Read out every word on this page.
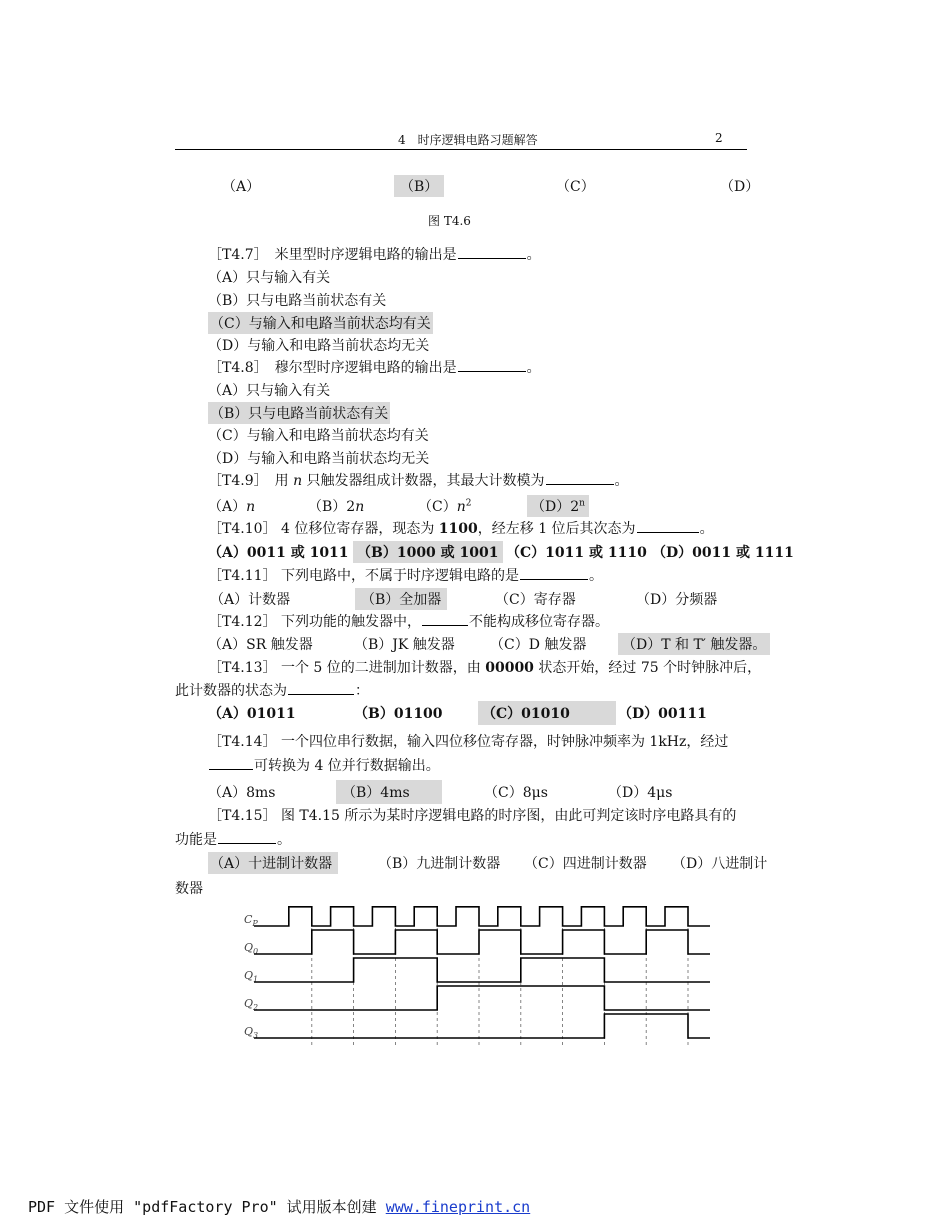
4　时序逻辑电路习题解答	2
（A）	（B）	（C）	（D）
图 T4.6
［T4.7］　米里型时序逻辑电路的输出是	。
（A）只与输入有关
（B）只与电路当前状态有关
（C）与输入和电路当前状态均有关
（D）与输入和电路当前状态均无关
［T4.8］　穆尔型时序逻辑电路的输出是	。
（A）只与输入有关
（B）只与电路当前状态有关
（C）与输入和电路当前状态均有关
（D）与输入和电路当前状态均无关
［T4.9］　用 n 只触发器组成计数器，其最大计数模为	。
（A）n	（B）2n	$(C)n^2$	（D）2$^n$
［T4.10］ 4 位移位寄存器，现态为 1100，经左移 1 位后其次态为	。
（A）0011 或 1011 （B）1000 或 1001 （C）1011 或 1110 （D）0011 或 1111
［T4.11］ 下列电路中，不属于时序逻辑电路的是	。
（A）计数器	（B）全加器	（C）寄存器	（D）分频器
［T4.12］ 下列功能的触发器中，	不能构成移位寄存器。
（A）SR 触发器	（B）JK 触发器	（C）D 触发器	（D）T 和 T′ 触发器。
［T4.13］ 一个 5 位的二进制加计数器，由 00000 状态开始，经过 75 个时钟脉冲后，
此计数器的状态为	：
（A）01011	（B）01100	（C）01010	（D）00111
［T4.14］ 一个四位串行数据，输入四位移位寄存器，时钟脉冲频率为 1kHz，经过
可转换为 4 位并行数据输出。
（A）8ms	（B）4ms	（C）8μs	（D）4μs
［T4.15］ 图 T4.15 所示为某时序逻辑电路的时序图，由此可判定该时序电路具有的
功能是	。
（A）十进制计数器	（B）九进制计数器 （C）四进制计数器 （D）八进制计
数器
$C_P$
$Q_0$
$Q_1$
$Q_2$
$Q_3$
PDF 文件使用 "pdfFactory Pro" 试用版本创建 www.fineprint.cn
